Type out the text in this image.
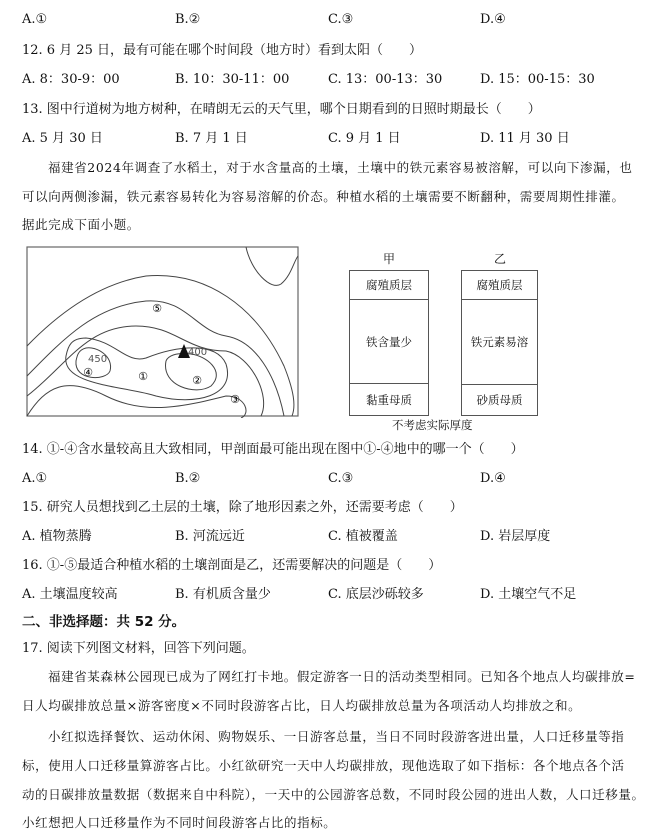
A.①	B.②	C.③	D.④
12. 6 月 25 日，最有可能在哪个时间段（地方时）看到太阳（　　）
A. 8：30-9：00	B. 10：30-11：00	C. 13：00-13：30	D. 15：00-15：30
13. 图中行道树为地方树种，在晴朗无云的天气里，哪个日期看到的日照时期最长（　　）
A. 5 月 30 日	B. 7 月 1 日	C. 9 月 1 日	D. 11 月 30 日
福建省2024年调查了水稻土，对于水含量高的土壤，土壤中的铁元素容易被溶解，可以向下渗漏，也
可以向两侧渗漏，铁元素容易转化为容易溶解的价态。种植水稻的土壤需要不断翻种，需要周期性排灌。
据此完成下面小题。
⑤
450
④	①
400
②
③
甲
腐殖质层
铁含量少
黏重母质
乙
腐殖质层
铁元素易溶
砂质母质
不考虑实际厚度
14. ①-④含水量较高且大致相同，甲剖面最可能出现在图中①-④地中的哪一个（　　）
A.①	B.②	C.③	D.④
15. 研究人员想找到乙土层的土壤，除了地形因素之外，还需要考虑（　　）
A. 植物蒸腾	B. 河流远近	C. 植被覆盖	D. 岩层厚度
16. ①-⑤最适合种植水稻的土壤剖面是乙，还需要解决的问题是（　　）
A. 土壤温度较高	B. 有机质含量少	C. 底层沙砾较多	D. 土壤空气不足
二、非选择题：共 52 分。
17. 阅读下列图文材料，回答下列问题。
福建省某森林公园现已成为了网红打卡地。假定游客一日的活动类型相同。已知各个地点人均碳排放=
日人均碳排放总量×游客密度×不同时段游客占比，日人均碳排放总量为各项活动人均排放之和。
小红拟选择餐饮、运动休闲、购物娱乐、一日游客总量，当日不同时段游客进出量，人口迁移量等指
标，使用人口迁移量算游客占比。小红欲研究一天中人均碳排放，现他选取了如下指标：各个地点各个活
动的日碳排放量数据（数据来自中科院），一天中的公园游客总数，不同时段公园的进出人数，人口迁移量。
小红想把人口迁移量作为不同时间段游客占比的指标。
